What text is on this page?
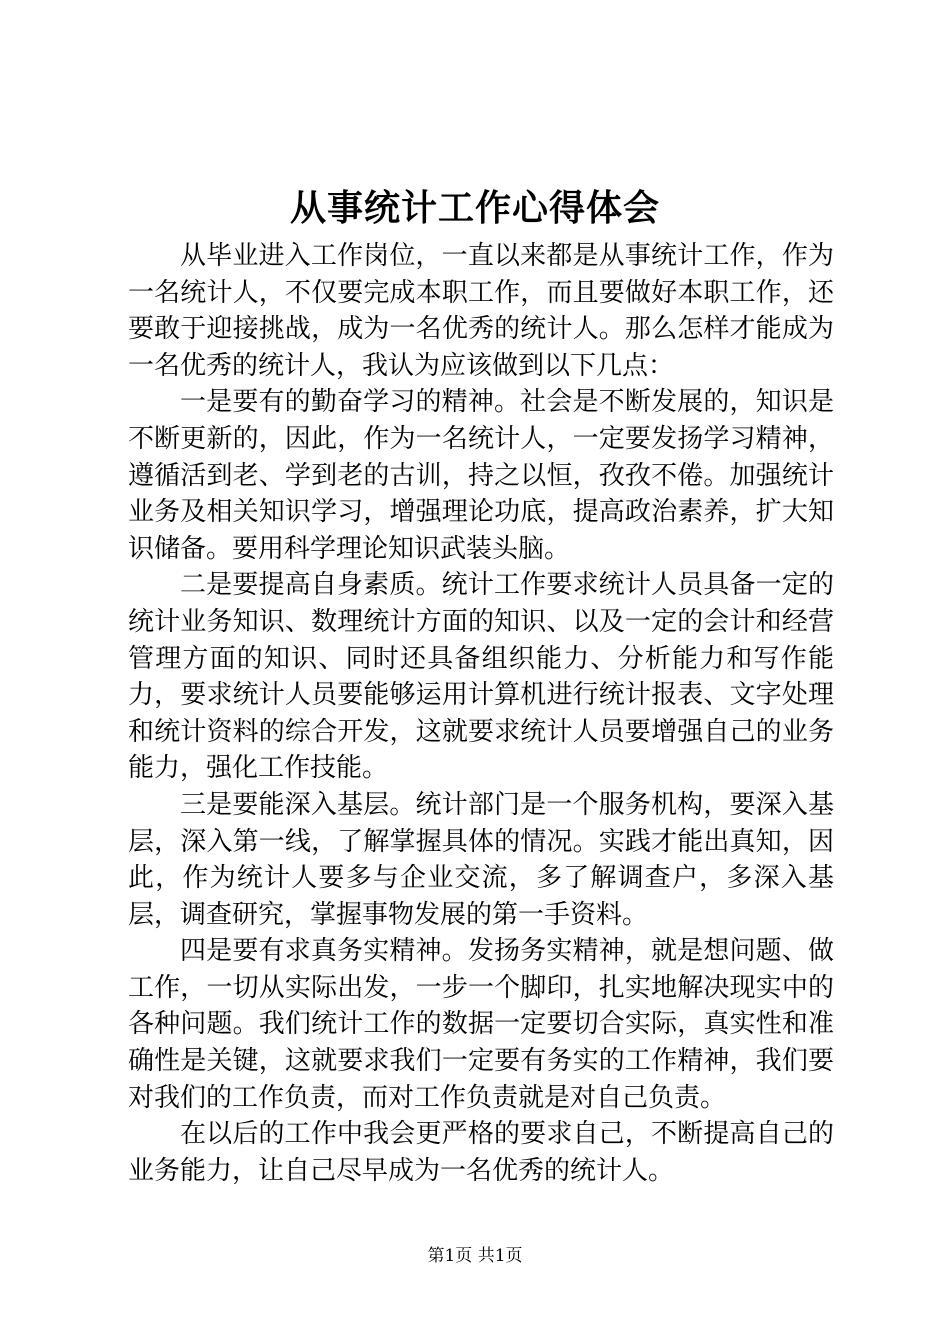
从事统计工作心得体会

从毕业进入工作岗位，一直以来都是从事统计工作，作为一名统计人，不仅要完成本职工作，而且要做好本职工作，还要敢于迎接挑战，成为一名优秀的统计人。那么怎样才能成为一名优秀的统计人，我认为应该做到以下几点：

一是要有的勤奋学习的精神。社会是不断发展的，知识是不断更新的，因此，作为一名统计人，一定要发扬学习精神，遵循活到老、学到老的古训，持之以恒，孜孜不倦。加强统计业务及相关知识学习，增强理论功底，提高政治素养，扩大知识储备。要用科学理论知识武装头脑。

二是要提高自身素质。统计工作要求统计人员具备一定的统计业务知识、数理统计方面的知识、以及一定的会计和经营管理方面的知识、同时还具备组织能力、分析能力和写作能力，要求统计人员要能够运用计算机进行统计报表、文字处理和统计资料的综合开发，这就要求统计人员要增强自己的业务能力，强化工作技能。

三是要能深入基层。统计部门是一个服务机构，要深入基层，深入第一线，了解掌握具体的情况。实践才能出真知，因此，作为统计人要多与企业交流，多了解调查户，多深入基层，调查研究，掌握事物发展的第一手资料。

四是要有求真务实精神。发扬务实精神，就是想问题、做工作，一切从实际出发，一步一个脚印，扎实地解决现实中的各种问题。我们统计工作的数据一定要切合实际，真实性和准确性是关键，这就要求我们一定要有务实的工作精神，我们要对我们的工作负责，而对工作负责就是对自己负责。

在以后的工作中我会更严格的要求自己，不断提高自己的业务能力，让自己尽早成为一名优秀的统计人。

第1页 共1页
